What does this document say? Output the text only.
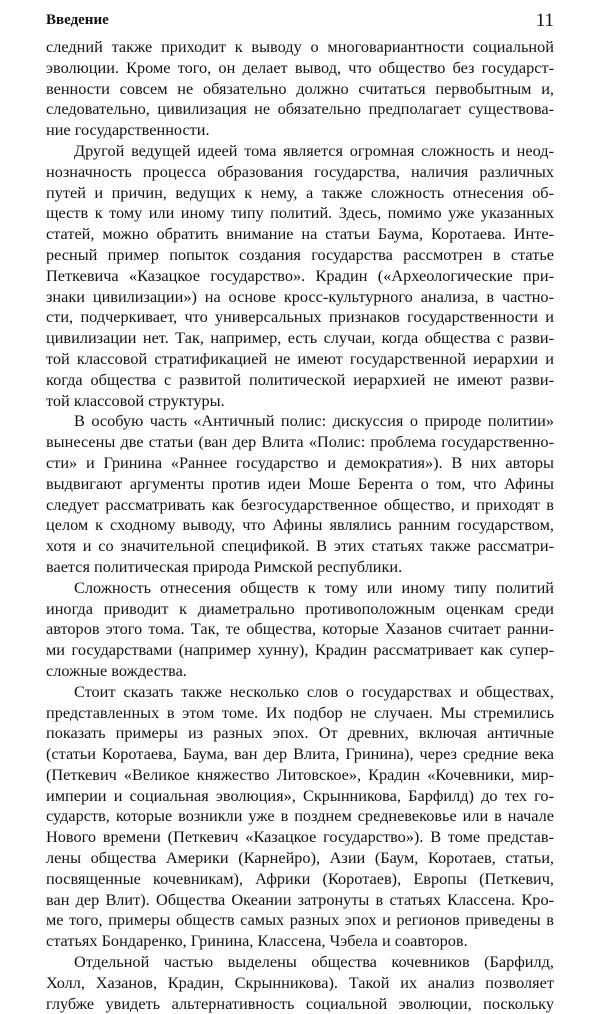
Введение	11
следний также приходит к выводу о многовариантности социальной
эволюции. Кроме того, он делает вывод, что общество без государст-
венности совсем не обязательно должно считаться первобытным и,
следовательно, цивилизация не обязательно предполагает существова-
ние государственности.
Другой ведущей идеей тома является огромная сложность и неод-
нозначность процесса образования государства, наличия различных
путей и причин, ведущих к нему, а также сложность отнесения об-
ществ к тому или иному типу политий. Здесь, помимо уже указанных
статей, можно обратить внимание на статьи Баума, Коротаева. Инте-
ресный пример попыток создания государства рассмотрен в статье
Петкевича «Казацкое государство». Крадин («Археологические при-
знаки цивилизации») на основе кросс-культурного анализа, в частно-
сти, подчеркивает, что универсальных признаков государственности и
цивилизации нет. Так, например, есть случаи, когда общества с разви-
той классовой стратификацией не имеют государственной иерархии и
когда общества с развитой политической иерархией не имеют разви-
той классовой структуры.
В особую часть «Античный полис: дискуссия о природе политии»
вынесены две статьи (ван дер Влита «Полис: проблема государственно-
сти» и Гринина «Раннее государство и демократия»). В них авторы
выдвигают аргументы против идеи Моше Берента о том, что Афины
следует рассматривать как безгосударственное общество, и приходят в
целом к сходному выводу, что Афины являлись ранним государством,
хотя и со значительной спецификой. В этих статьях также рассматри-
вается политическая природа Римской республики.
Сложность отнесения обществ к тому или иному типу политий
иногда приводит к диаметрально противоположным оценкам среди
авторов этого тома. Так, те общества, которые Хазанов считает ранни-
ми государствами (например хунну), Крадин рассматривает как супер-
сложные вождества.
Стоит сказать также несколько слов о государствах и обществах,
представленных в этом томе. Их подбор не случаен. Мы стремились
показать примеры из разных эпох. От древних, включая античные
(статьи Коротаева, Баума, ван дер Влита, Гринина), через средние века
(Петкевич «Великое княжество Литовское», Крадин «Кочевники, мир-
империи и социальная эволюция», Скрынникова, Барфилд) до тех го-
сударств, которые возникли уже в позднем средневековье или в начале
Нового времени (Петкевич «Казацкое государство»). В томе представ-
лены общества Америки (Карнейро), Азии (Баум, Коротаев, статьи,
посвященные кочевникам), Африки (Коротаев), Европы (Петкевич,
ван дер Влит). Общества Океании затронуты в статьях Классена. Кро-
ме того, примеры обществ самых разных эпох и регионов приведены в
статьях Бондаренко, Гринина, Классена, Чэбела и соавторов.
Отдельной частью выделены общества кочевников (Барфилд,
Холл, Хазанов, Крадин, Скрынникова). Такой их анализ позволяет
глубже увидеть альтернативность социальной эволюции, поскольку
